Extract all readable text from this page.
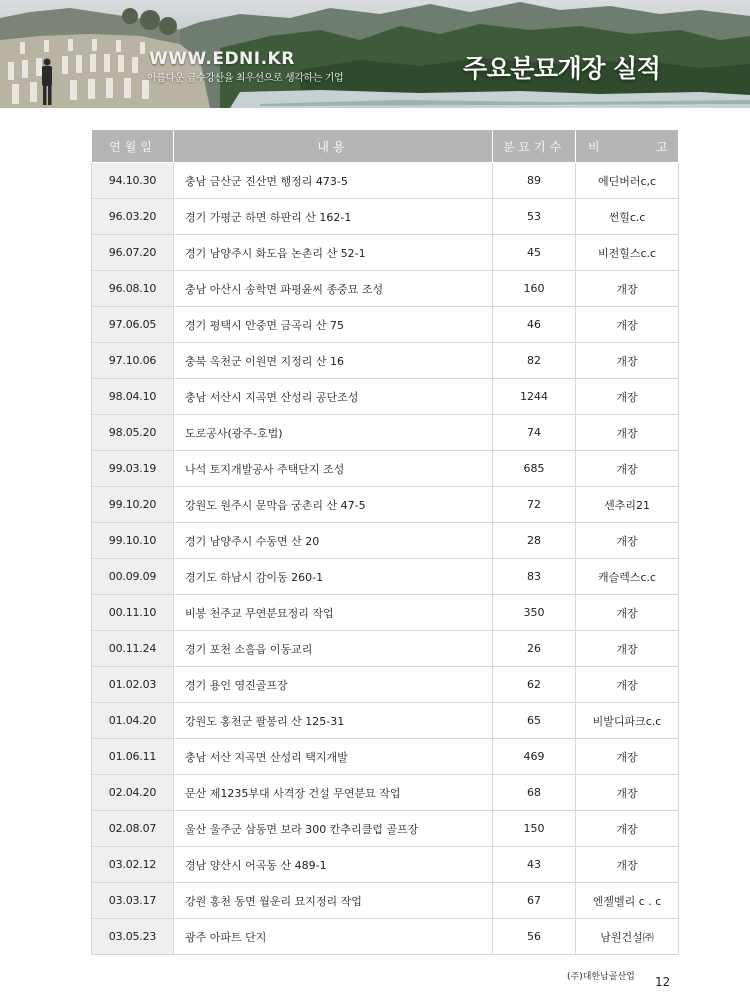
WWW.EDNI.KR
아름다운 금수강산을 최우선으로 생각하는 기업	주요분묘개장 실적
연월일	내용	분묘기수	비 고
94.10.30	충남 금산군 진산면 행정리 473-5	89	에딘버러c,c
96.03.20	경기 가평군 하면 하판리 산 162-1	53	썬힐c.c
96.07.20	경기 남양주시 화도읍 논촌리 산 52-1	45	비전힐스c.c
96.08.10	충남 아산시 송학면 파평윤씨 종중묘 조성	160	개장
97.06.05	경기 평택시 안중면 금곡리 산 75	46	개장
97.10.06	충북 옥천군 이원면 지정리 산 16	82	개장
98.04.10	충남 서산시 지곡면 산성리 공단조성	1244	개장
98.05.20	도로공사(광주-호법)	74	개장
99.03.19	나석 토지개발공사 주택단지 조성	685	개장
99.10.20	강원도 원주시 문막읍 궁촌리 산 47-5	72	센추리21
99.10.10	경기 남양주시 수동면 산 20	28	개장
00.09.09	경기도 하남시 감이동 260-1	83	캐슬렉스c.c
00.11.10	비봉 천주교 무연분묘정리 작업	350	개장
00.11.24	경기 포천 소흘읍 이동교리	26	개장
01.02.03	경기 용인 영진골프장	62	개장
01.04.20	강원도 홍천군 팔봉리 산 125-31	65	비발디파크c.c
01.06.11	충남 서산 지곡면 산성리 택지개발	469	개장
02.04.20	문산 제1235부대 사격장 건설 무연분묘 작업	68	개장
02.08.07	울산 울주군 삼동면 보라 300 칸추리클럽 골프장	150	개장
03.02.12	경남 양산시 어곡동 산 489-1	43	개장
03.03.17	강원 홍천 동면 월운리 묘지정리 작업	67	엔젤벨리 c . c
03.05.23	광주 아파트 단지	56	남원건설㈜
(주)대한납골산업 12
